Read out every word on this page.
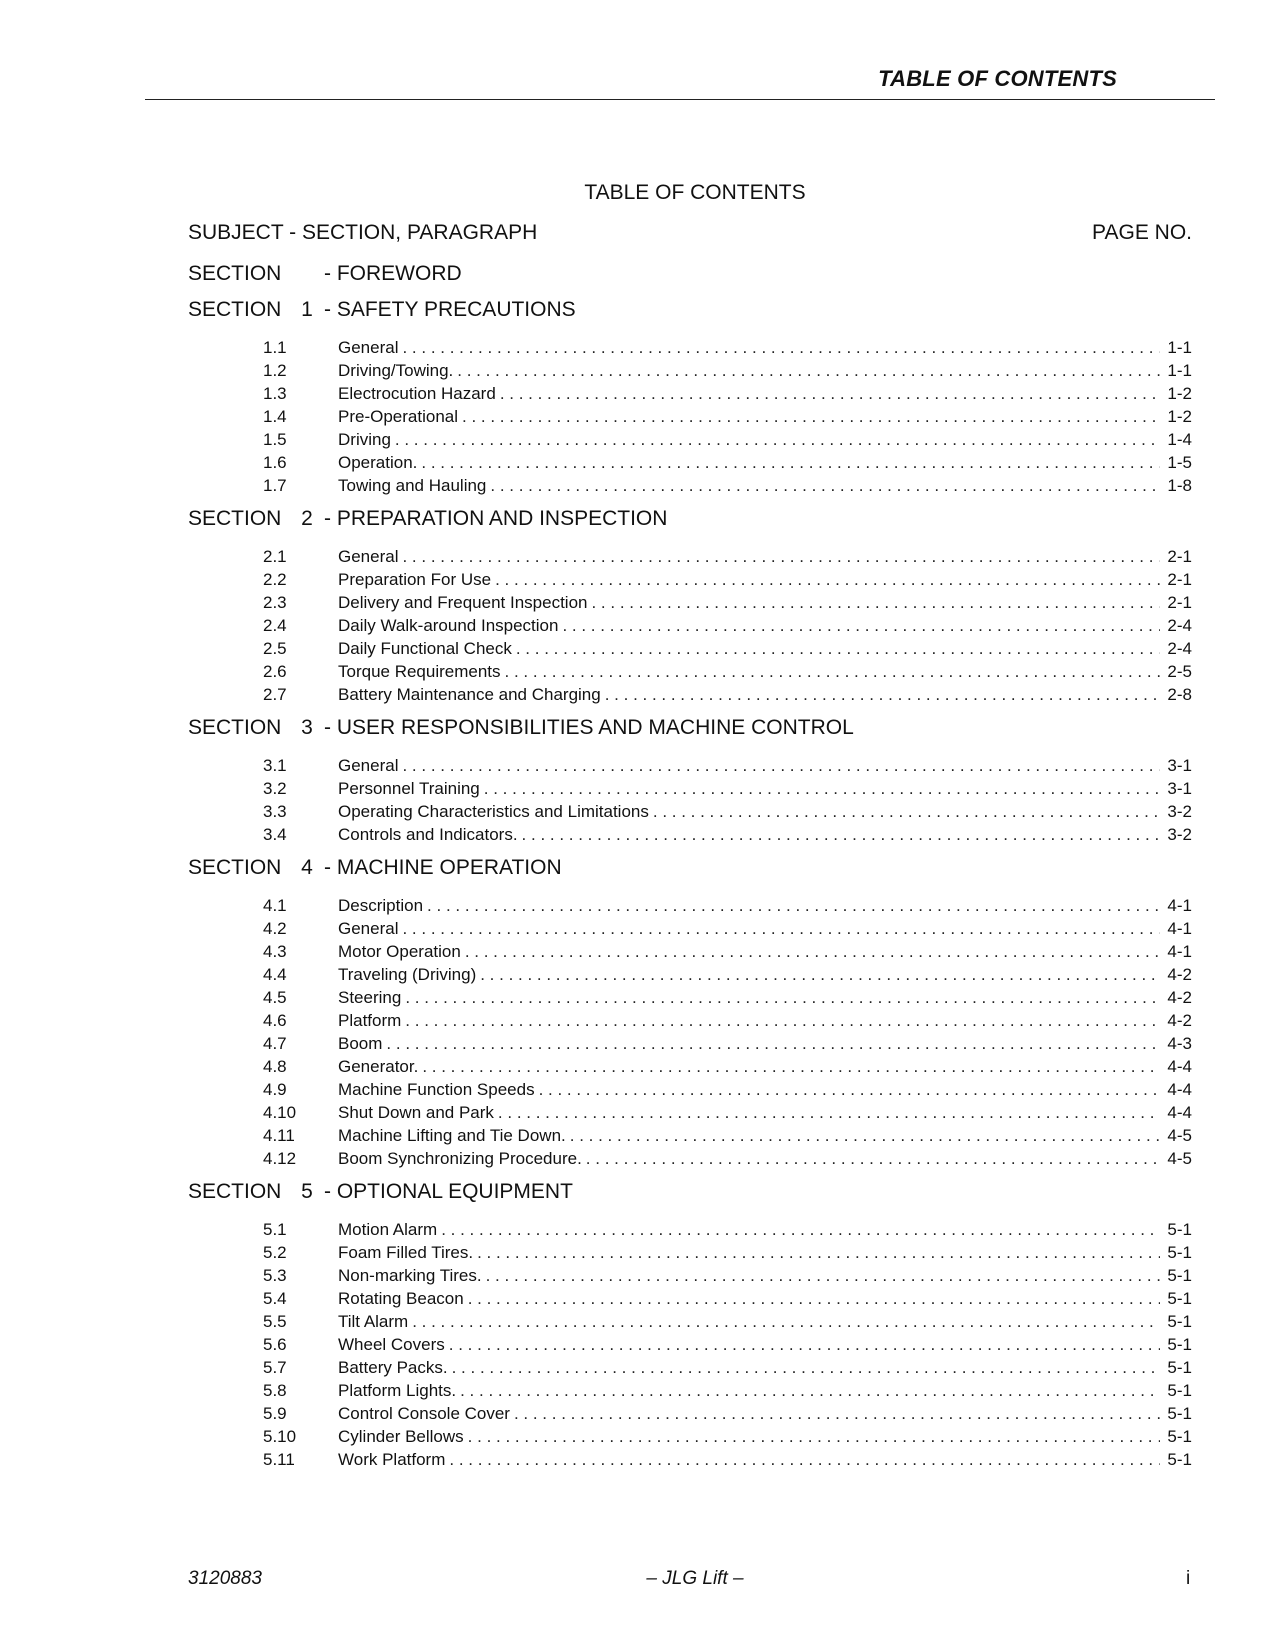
TABLE OF CONTENTS
TABLE OF CONTENTS
SUBJECT - SECTION, PARAGRAPH	PAGE NO.
SECTION	- FOREWORD
SECTION 1 - SAFETY PRECAUTIONS
1.1	General . . .	1-1
1.2	Driving/Towing. . . .	1-1
1.3	Electrocution Hazard . . .	1-2
1.4	Pre-Operational . . .	1-2
1.5	Driving . . .	1-4
1.6	Operation. . . .	1-5
1.7	Towing and Hauling . . .	1-8
SECTION 2 - PREPARATION AND INSPECTION
2.1	General . . .	2-1
2.2	Preparation For Use . . .	2-1
2.3	Delivery and Frequent Inspection . . .	2-1
2.4	Daily Walk-around Inspection . . .	2-4
2.5	Daily Functional Check . . .	2-4
2.6	Torque Requirements . . .	2-5
2.7	Battery Maintenance and Charging . . .	2-8
SECTION 3 - USER RESPONSIBILITIES AND MACHINE CONTROL
3.1	General . . .	3-1
3.2	Personnel Training . . .	3-1
3.3	Operating Characteristics and Limitations . . .	3-2
3.4	Controls and Indicators. . . .	3-2
SECTION 4 - MACHINE OPERATION
4.1	Description . . .	4-1
4.2	General . . .	4-1
4.3	Motor Operation . . .	4-1
4.4	Traveling (Driving) . . .	4-2
4.5	Steering . . .	4-2
4.6	Platform . . .	4-2
4.7	Boom . . .	4-3
4.8	Generator. . . .	4-4
4.9	Machine Function Speeds . . .	4-4
4.10	Shut Down and Park . . .	4-4
4.11	Machine Lifting and Tie Down. . . .	4-5
4.12	Boom Synchronizing Procedure. . . .	4-5
SECTION 5 - OPTIONAL EQUIPMENT
5.1	Motion Alarm . . .	5-1
5.2	Foam Filled Tires. . . .	5-1
5.3	Non-marking Tires. . . .	5-1
5.4	Rotating Beacon . . .	5-1
5.5	Tilt Alarm . . .	5-1
5.6	Wheel Covers . . .	5-1
5.7	Battery Packs. . . .	5-1
5.8	Platform Lights. . . .	5-1
5.9	Control Console Cover . . .	5-1
5.10	Cylinder Bellows . . .	5-1
5.11	Work Platform . . .	5-1
3120883	– JLG Lift –	i
